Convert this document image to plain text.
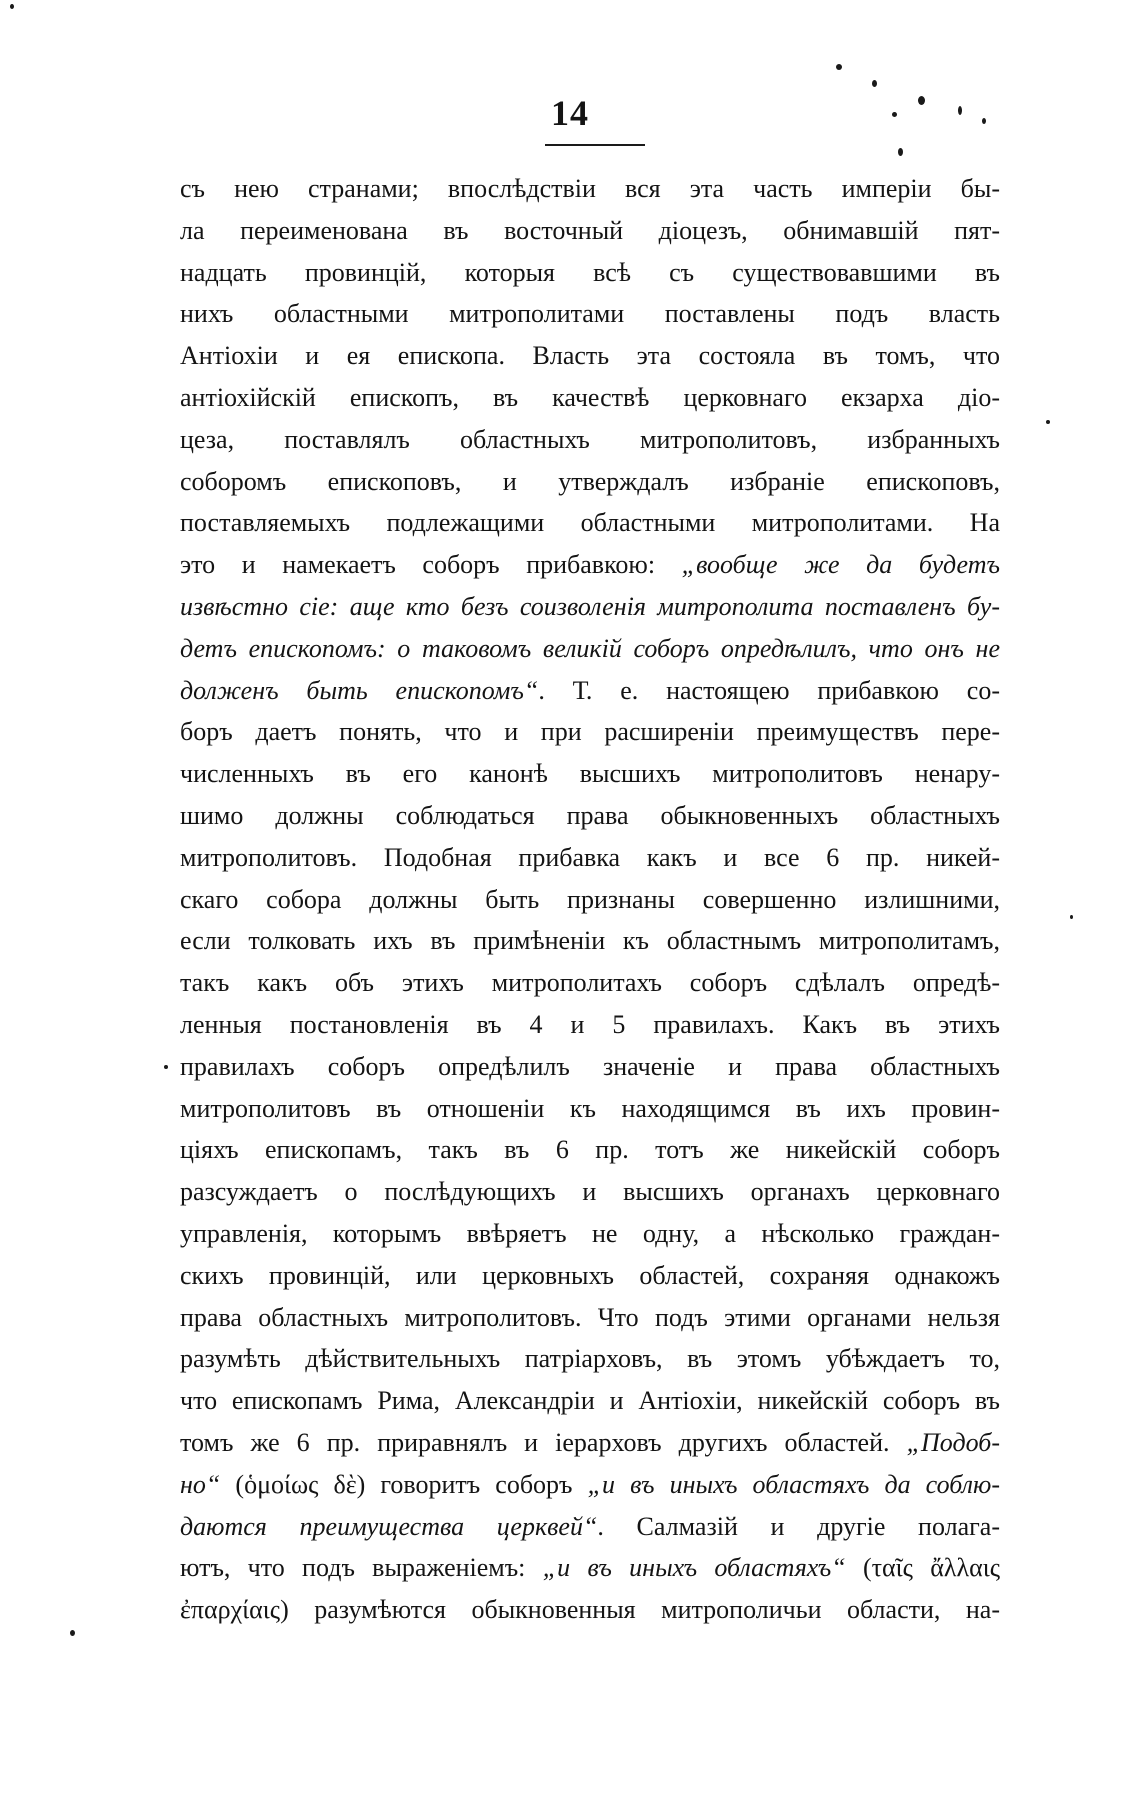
14
съ нею странами; впослѣдствіи вся эта часть имперіи бы-
ла переименована въ восточный діоцезъ, обнимавшій пят-
надцать провинцій, которыя всѣ съ существовавшими въ
нихъ областными митрополитами поставлены подъ власть
Антіохіи и ея епископа. Власть эта состояла въ томъ, что
антіохійскій епископъ, въ качествѣ церковнаго екзарха діо-
цеза, поставлялъ областныхъ митрополитовъ, избранныхъ
соборомъ епископовъ, и утверждалъ избраніе епископовъ,
поставляемыхъ подлежащими областными митрополитами. На
это и намекаетъ соборъ прибавкою: „вообще же да будетъ
извѣстно сіе: аще кто безъ соизволенія митрополита поставленъ бу-
детъ епископомъ: о таковомъ великій соборъ опредѣлилъ, что онъ не
долженъ быть епископомъ“. Т. е. настоящею прибавкою со-
боръ даетъ понять, что и при расширеніи преимуществъ пере-
численныхъ въ его канонѣ высшихъ митрополитовъ ненару-
шимо должны соблюдаться права обыкновенныхъ областныхъ
митрополитовъ. Подобная прибавка какъ и все 6 пр. никей-
скаго собора должны быть признаны совершенно излишними,
если толковать ихъ въ примѣненіи къ областнымъ митрополитамъ,
такъ какъ объ этихъ митрополитахъ соборъ сдѣлалъ опредѣ-
ленныя постановленія въ 4 и 5 правилахъ. Какъ въ этихъ
правилахъ соборъ опредѣлилъ значеніе и права областныхъ
митрополитовъ въ отношеніи къ находящимся въ ихъ провин-
ціяхъ епископамъ, такъ въ 6 пр. тотъ же никейскій соборъ
разсуждаетъ о послѣдующихъ и высшихъ органахъ церковнаго
управленія, которымъ ввѣряетъ не одну, а нѣсколько граждан-
скихъ провинцій, или церковныхъ областей, сохраняя однакожъ
права областныхъ митрополитовъ. Что подъ этими органами нельзя
разумѣть дѣйствительныхъ патріарховъ, въ этомъ убѣждаетъ то,
что епископамъ Рима, Александріи и Антіохіи, никейскій соборъ въ
томъ же 6 пр. приравнялъ и іерарховъ другихъ областей. „Подоб-
но“ (ὁμοίως δὲ) говоритъ соборъ „и въ иныхъ областяхъ да соблю-
даются преимущества церквей“. Салмазій и другіе полага-
ютъ, что подъ выраженіемъ: „и въ иныхъ областяхъ“ (ταῖς ἄλλαις
ἐπαρχίαις) разумѣются обыкновенныя митрополичьи области, на-
